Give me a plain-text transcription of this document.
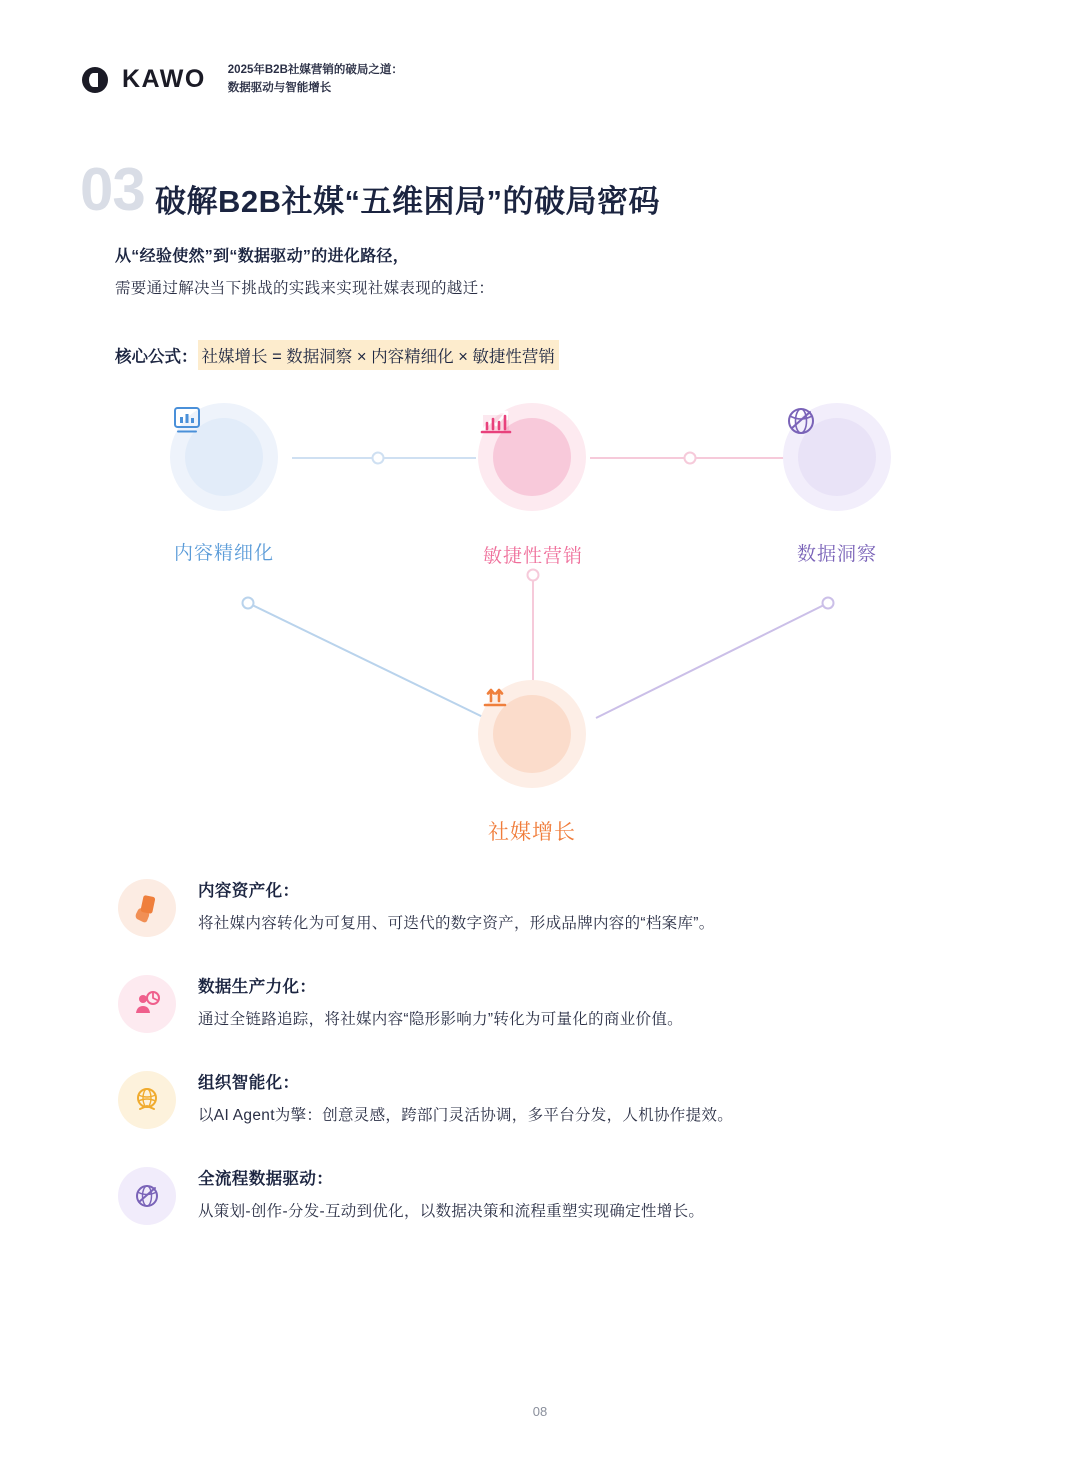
KAWO 2025年B2B社媒营销的破局之道：
数据驱动与智能增长
03 破解B2B社媒“五维困局”的破局密码
从“经验使然”到“数据驱动”的进化路径，
需要通过解决当下挑战的实践来实现社媒表现的越迁：
核心公式： 社媒增长 = 数据洞察 × 内容精细化 × 敏捷性营销
内容精细化	敏捷性营销	数据洞察
社媒增长
内容资产化：
将社媒内容转化为可复用、可迭代的数字资产，形成品牌内容的“档案库”。
数据生产力化：
通过全链路追踪，将社媒内容“隐形影响力”转化为可量化的商业价值。
组织智能化：
以AI Agent为擎：创意灵感，跨部门灵活协调，多平台分发，人机协作提效。
全流程数据驱动：
从策划-创作-分发-互动到优化，以数据决策和流程重塑实现确定性增长。
08
